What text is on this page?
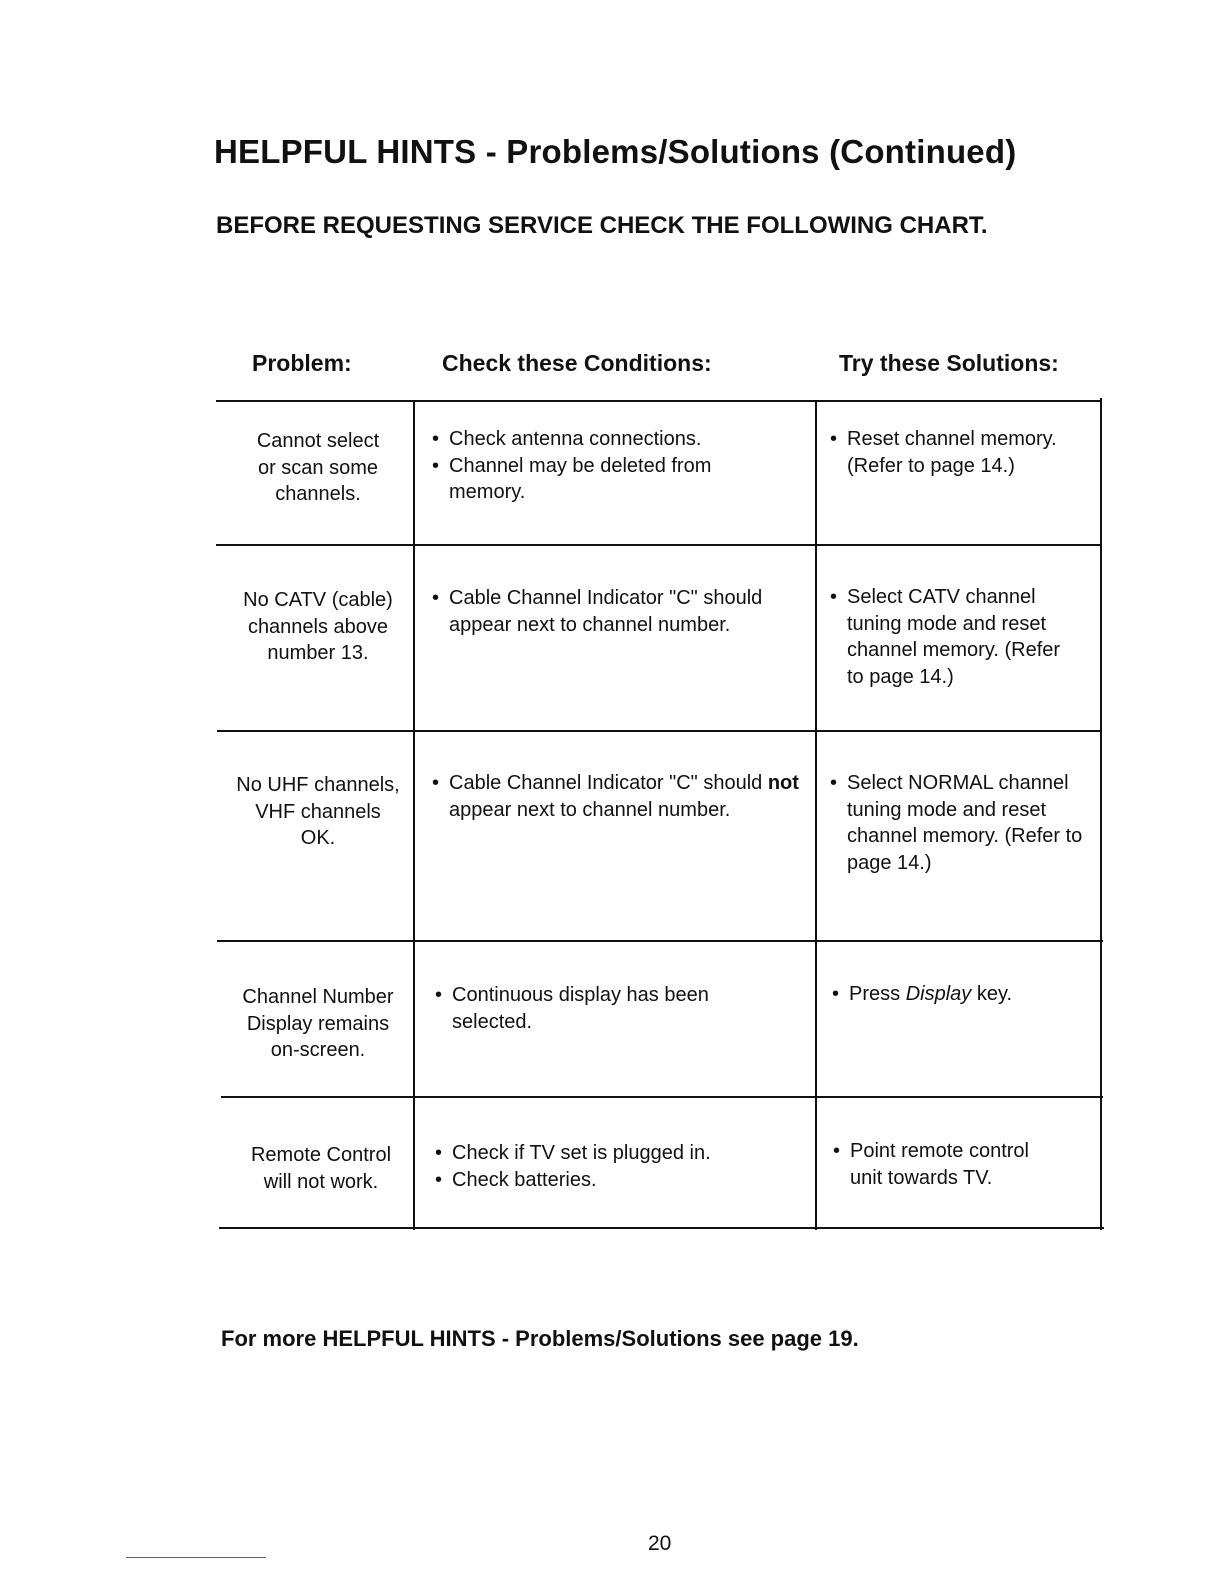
HELPFUL HINTS - Problems/Solutions (Continued)
BEFORE REQUESTING SERVICE CHECK THE FOLLOWING CHART.
Problem:	Check these Conditions:	Try these Solutions:
Cannot select
or scan some
channels.
• Check antenna connections.
• Channel may be deleted from memory.
• Reset channel memory. (Refer to page 14.)
No CATV (cable)
channels above
number 13.
• Cable Channel Indicator "C" should appear next to channel number.
• Select CATV channel tuning mode and reset channel memory. (Refer to page 14.)
No UHF channels,
VHF channels
OK.
• Cable Channel Indicator "C" should not appear next to channel number.
• Select NORMAL channel tuning mode and reset channel memory. (Refer to page 14.)
Channel Number
Display remains
on-screen.
• Continuous display has been selected.
• Press Display key.
Remote Control
will not work.
• Check if TV set is plugged in.
• Check batteries.
• Point remote control unit towards TV.
For more HELPFUL HINTS - Problems/Solutions see page 19.
20
